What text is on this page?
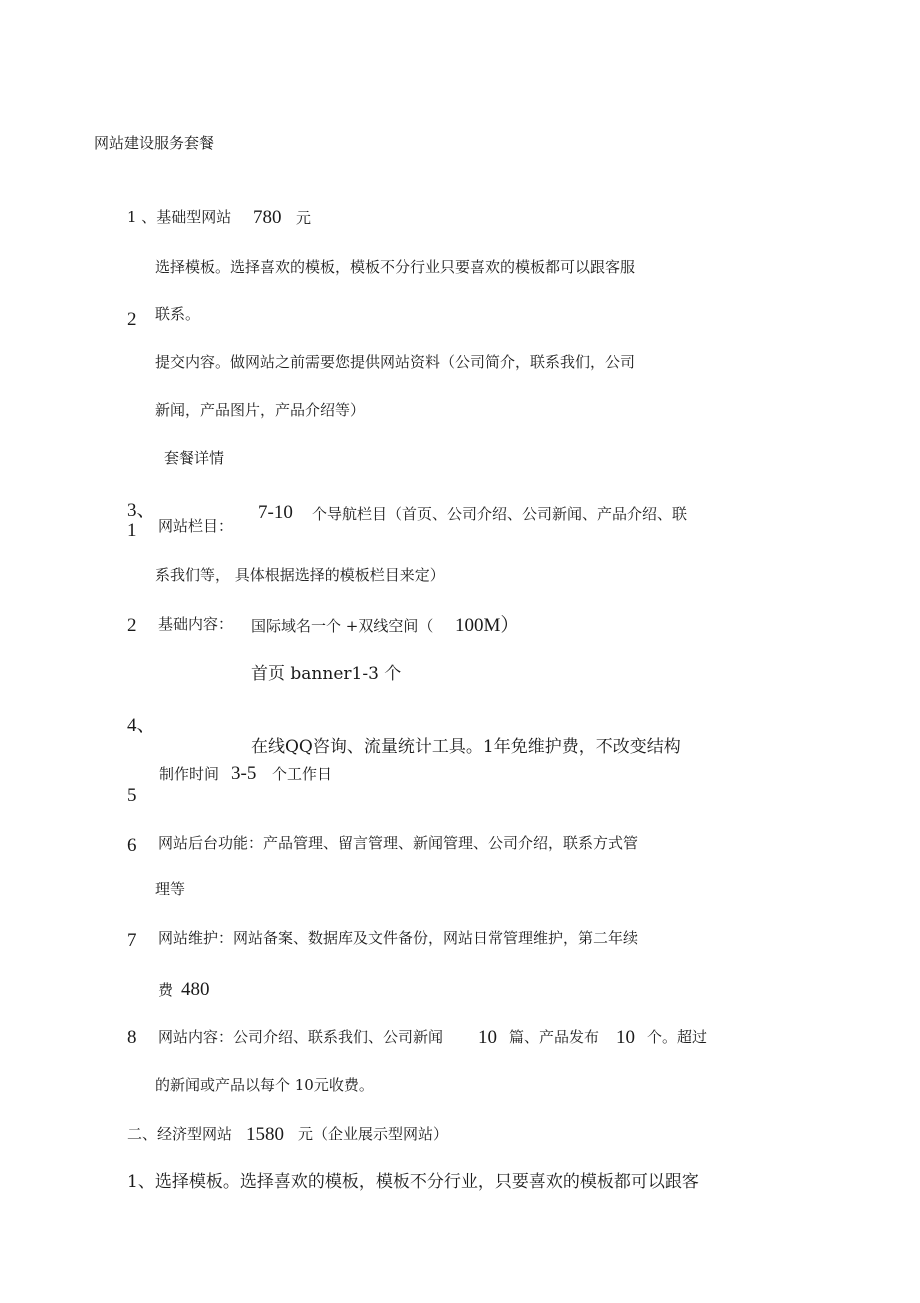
网站建设服务套餐
1 、基础型网站 780 元
选择模板。选择喜欢的模板，模板不分行业只要喜欢的模板都可以跟客服
2 联系。
提交内容。做网站之前需要您提供网站资料（公司简介，联系我们，公司
新闻，产品图片，产品介绍等）
套餐详情
3、
1
7-10 个导航栏目（首页、公司介绍、公司新闻、产品介绍、联
网站栏目：
系我们等， 具体根据选择的模板栏目来定）
2 基础内容： 国际域名一个 +双线空间（ 100M）
首页 banner1-3 个
4、
在线QQ咨询、流量统计工具。1年免维护费，不改变结构
制作时间 3-5 个工作日
5
6 网站后台功能：产品管理、留言管理、新闻管理、公司介绍，联系方式管
理等
7 网站维护：网站备案、数据库及文件备份，网站日常管理维护，第二年续
费 480
8 网站内容：公司介绍、联系我们、公司新闻 10 篇、产品发布 10 个。超过
的新闻或产品以每个 10元收费。
二、经济型网站 1580 元（企业展示型网站）
1、选择模板。选择喜欢的模板，模板不分行业，只要喜欢的模板都可以跟客
